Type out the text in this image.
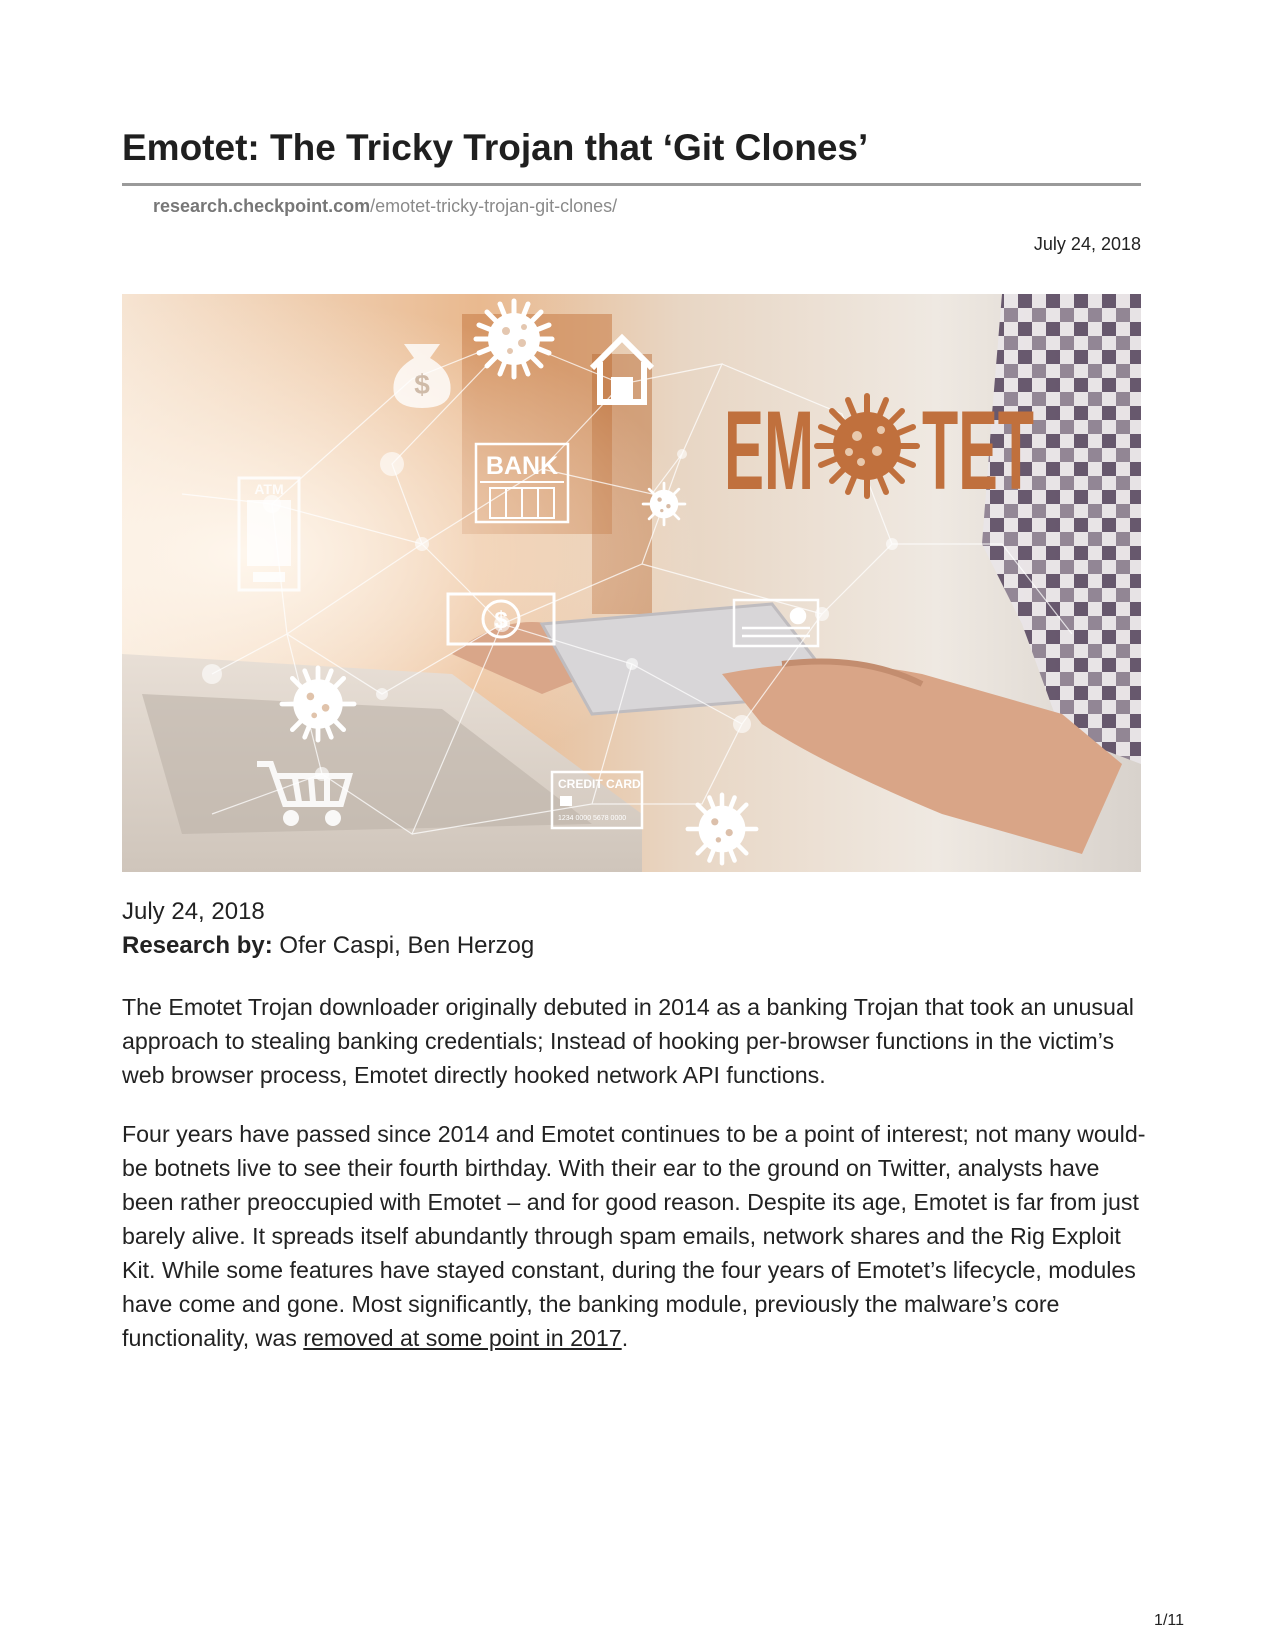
Emotet: The Tricky Trojan that ‘Git Clones’
research.checkpoint.com/emotet-tricky-trojan-git-clones/
July 24, 2018
$
BANK
ATM
$
CREDIT CARD
1234 0000 5678 0000
EM TET
July 24, 2018
Research by: Ofer Caspi, Ben Herzog

The Emotet Trojan downloader originally debuted in 2014 as a banking Trojan that took an unusual approach to stealing banking credentials; Instead of hooking per-browser functions in the victim’s web browser process, Emotet directly hooked network API functions.

Four years have passed since 2014 and Emotet continues to be a point of interest; not many would-be botnets live to see their fourth birthday. With their ear to the ground on Twitter, analysts have been rather preoccupied with Emotet – and for good reason. Despite its age, Emotet is far from just barely alive. It spreads itself abundantly through spam emails, network shares and the Rig Exploit Kit. While some features have stayed constant, during the four years of Emotet’s lifecycle, modules have come and gone. Most significantly, the banking module, previously the malware’s core functionality, was removed at some point in 2017.

1/11
